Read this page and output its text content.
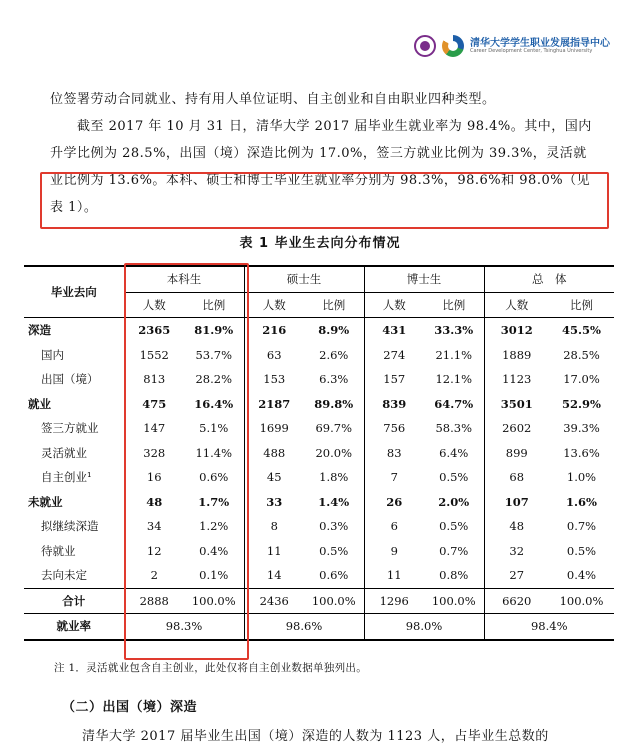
清华大学学生职业发展指导中心
Career Development Center, Tsinghua University

位签署劳动合同就业、持有用人单位证明、自主创业和自由职业四种类型。

截至 2017 年 10 月 31 日，清华大学 2017 届毕业生就业率为 98.4%。其中，国内升学比例为 28.5%，出国（境）深造比例为 17.0%，签三方就业比例为 39.3%，灵活就业比例为 13.6%。本科、硕士和博士毕业生就业率分别为 98.3%，98.6%和 98.0%（见表 1）。

表 1 毕业生去向分布情况
毕业去向	本科生		硕士生		博士生		总　体	
	人数	比例	人数	比例	人数	比例	人数	比例
深造	2365	81.9%	216	8.9%	431	33.3%	3012	45.5%
国内	1552	53.7%	63	2.6%	274	21.1%	1889	28.5%
出国（境）	813	28.2%	153	6.3%	157	12.1%	1123	17.0%
就业	475	16.4%	2187	89.8%	839	64.7%	3501	52.9%
签三方就业	147	5.1%	1699	69.7%	756	58.3%	2602	39.3%
灵活就业	328	11.4%	488	20.0%	83	6.4%	899	13.6%
自主创业¹	16	0.6%	45	1.8%	7	0.5%	68	1.0%
未就业	48	1.7%	33	1.4%	26	2.0%	107	1.6%
拟继续深造	34	1.2%	8	0.3%	6	0.5%	48	0.7%
待就业	12	0.4%	11	0.5%	9	0.7%	32	0.5%
去向未定	2	0.1%	14	0.6%	11	0.8%	27	0.4%
合计	2888	100.0%	2436	100.0%	1296	100.0%	6620	100.0%
就业率	98.3%		98.6%		98.0%		98.4%	
注 1．灵活就业包含自主创业，此处仅将自主创业数据单独列出。
（二）出国（境）深造
清华大学 2017 届毕业生出国（境）深造的人数为 1123 人，占毕业生总数的
